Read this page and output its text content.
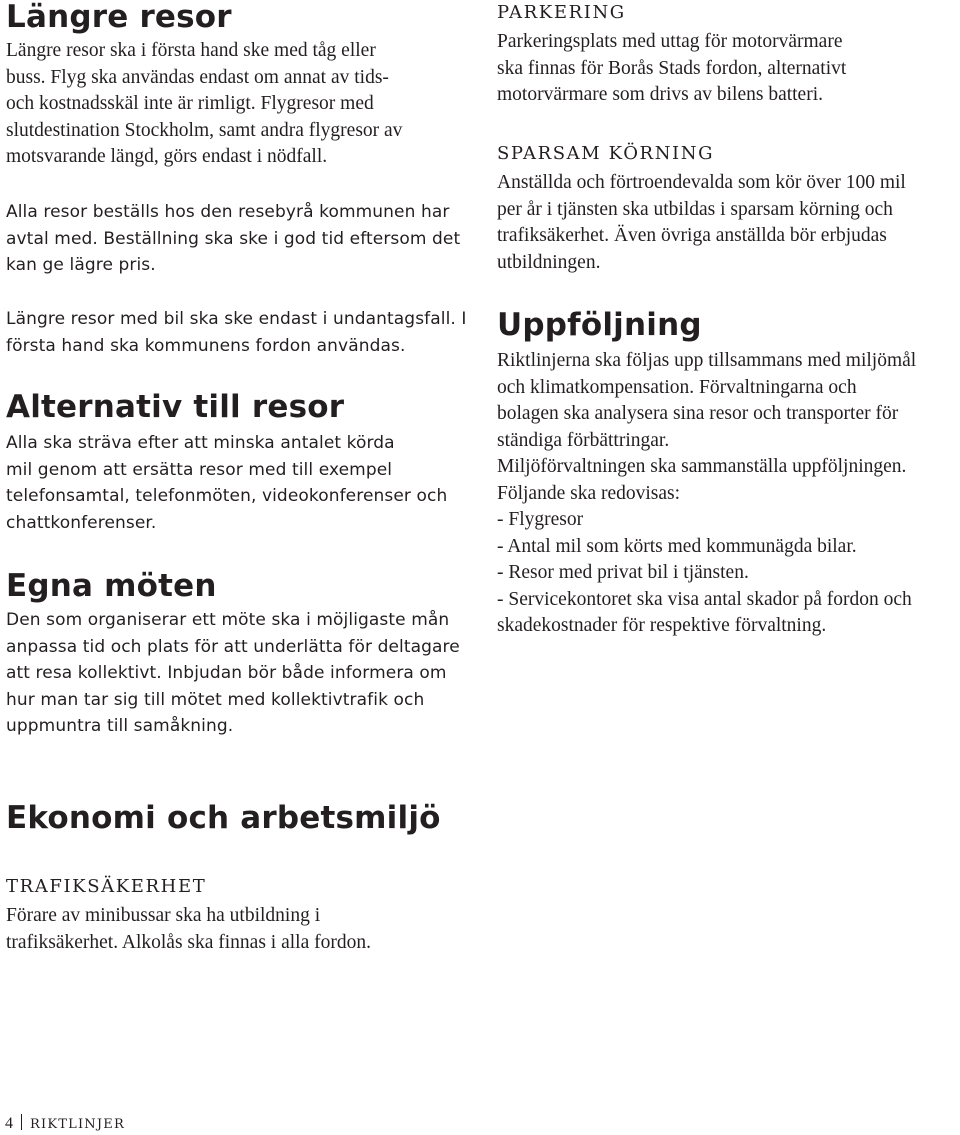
Längre resor

Längre resor ska i första hand ske med tåg eller
buss. Flyg ska användas endast om annat av tids-
och kostnadsskäl inte är rimligt. Flygresor med
slutdestination Stockholm, samt andra flygresor av
motsvarande längd, görs endast i nödfall.

Alla resor beställs hos den resebyrå kommunen har
avtal med. Beställning ska ske i god tid eftersom det
kan ge lägre pris.

Längre resor med bil ska ske endast i undantagsfall. I
första hand ska kommunens fordon användas.

Alternativ till resor

Alla ska sträva efter att minska antalet körda
mil genom att ersätta resor med till exempel
telefonsamtal, telefonmöten, videokonferenser och
chattkonferenser.

Egna möten

Den som organiserar ett möte ska i möjligaste mån
anpassa tid och plats för att underlätta för deltagare
att resa kollektivt. Inbjudan bör både informera om
hur man tar sig till mötet med kollektivtrafik och
uppmuntra till samåkning.

PARKERING

Parkeringsplats med uttag för motorvärmare
ska finnas för Borås Stads fordon, alternativt
motorvärmare som drivs av bilens batteri.

SPARSAM KÖRNING

Anställda och förtroendevalda som kör över 100 mil
per år i tjänsten ska utbildas i sparsam körning och
trafiksäkerhet. Även övriga anställda bör erbjudas
utbildningen.

Uppföljning

Riktlinjerna ska följas upp tillsammans med miljömål
och klimatkompensation. Förvaltningarna och
bolagen ska analysera sina resor och transporter för
ständiga förbättringar.
Miljöförvaltningen ska sammanställa uppföljningen.
Följande ska redovisas:
- Flygresor
- Antal mil som körts med kommunägda bilar.
- Resor med privat bil i tjänsten.
- Servicekontoret ska visa antal skador på fordon och
skadekostnader för respektive förvaltning.

Ekonomi och arbetsmiljö
TRAFIKSÄKERHET

Förare av minibussar ska ha utbildning i
trafiksäkerhet. Alkolås ska finnas i alla fordon.

4 RIKTLINJER
